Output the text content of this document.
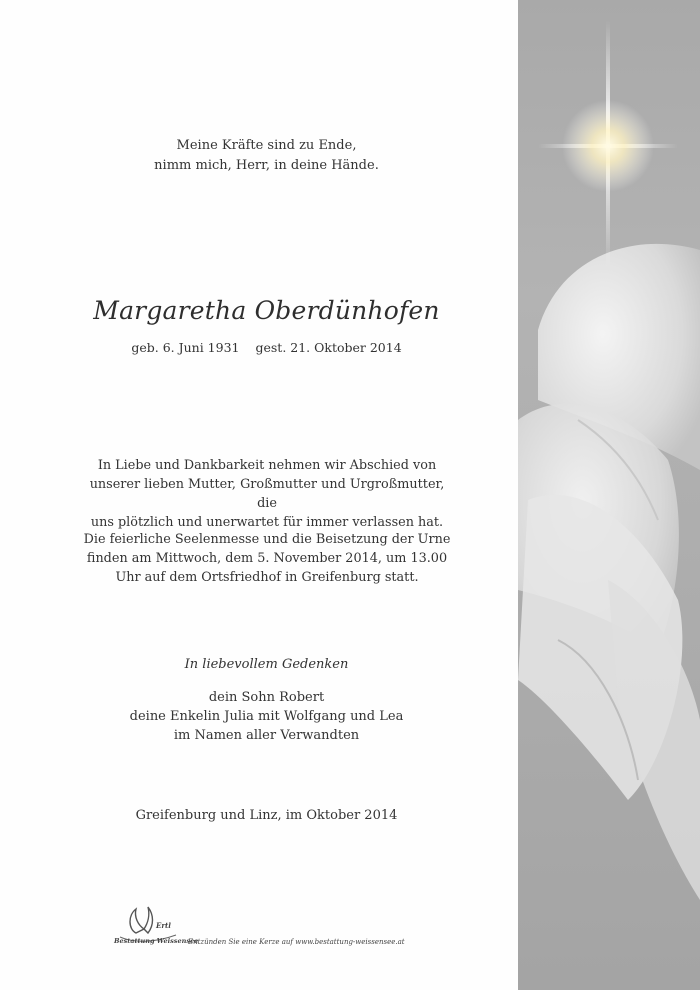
Meine Kräfte sind zu Ende,
nimm mich, Herr, in deine Hände.
Margaretha Oberdünhofen
geb. 6. Juni 1931 gest. 21. Oktober 2014
In Liebe und Dankbarkeit nehmen wir Abschied von
unserer lieben Mutter, Großmutter und Urgroßmutter, die
uns plötzlich und unerwartet für immer verlassen hat.
Die feierliche Seelenmesse und die Beisetzung der Urne
finden am Mittwoch, dem 5. November 2014, um 13.00
Uhr auf dem Ortsfriedhof in Greifenburg statt.
In liebevollem Gedenken
dein Sohn Robert
deine Enkelin Julia mit Wolfgang und Lea
im Namen aller Verwandten
Greifenburg und Linz, im Oktober 2014
Ertl
Bestattung Weissensee
Entzünden Sie eine Kerze auf www.bestattung-weissensee.at
